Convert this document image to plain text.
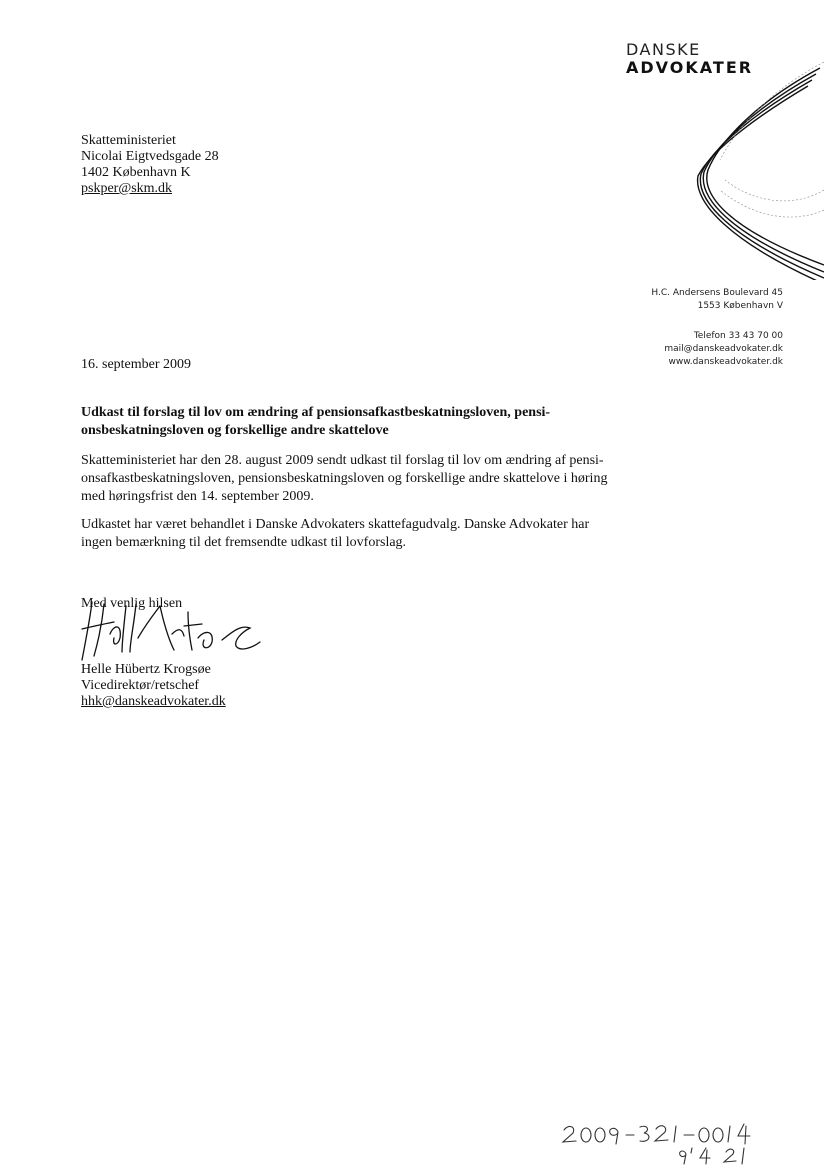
DANSKE
ADVOKATER
Skatteministeriet
Nicolai Eigtvedsgade 28
1402 København K
pskper@skm.dk
H.C. Andersens Boulevard 45
1553 København V
Telefon 33 43 70 00
mail@danskeadvokater.dk
www.danskeadvokater.dk
16. september 2009
Udkast til forslag til lov om ændring af pensionsafkastbeskatningsloven, pensi-
onsbeskatningsloven og forskellige andre skattelove
Skatteministeriet har den 28. august 2009 sendt udkast til forslag til lov om ændring af pensi-
onsafkastbeskatningsloven, pensionsbeskatningsloven og forskellige andre skattelove i høring
med høringsfrist den 14. september 2009.
Udkastet har været behandlet i Danske Advokaters skattefagudvalg. Danske Advokater har
ingen bemærkning til det fremsendte udkast til lovforslag.
Med venlig hilsen
Helle Hübertz Krogsøe
Vicedirektør/retschef
hhk@danskeadvokater.dk
